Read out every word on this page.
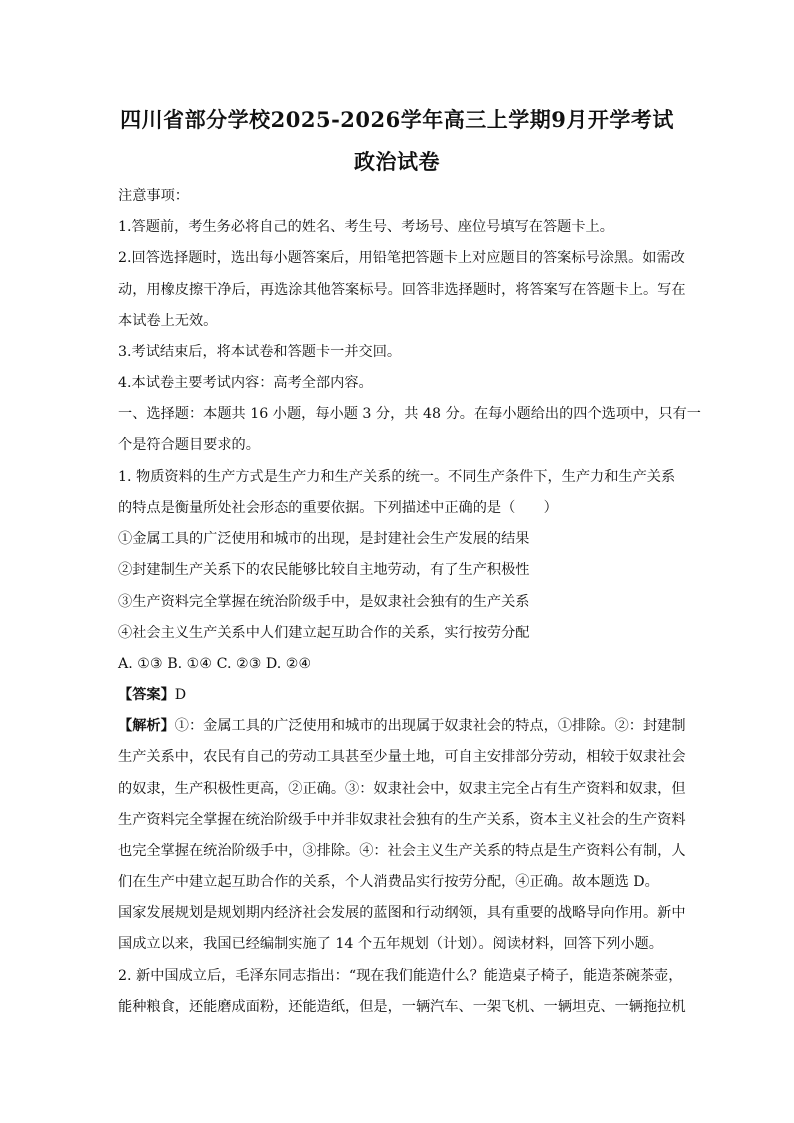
四川省部分学校2025-2026学年高三上学期9月开学考试
政治试卷
注意事项：
1.答题前，考生务必将自己的姓名、考生号、考场号、座位号填写在答题卡上。
2.回答选择题时，选出每小题答案后，用铅笔把答题卡上对应题目的答案标号涂黑。如需改
动，用橡皮擦干净后，再选涂其他答案标号。回答非选择题时，将答案写在答题卡上。写在
本试卷上无效。
3.考试结束后，将本试卷和答题卡一并交回。
4.本试卷主要考试内容：高考全部内容。
一、选择题：本题共 16 小题，每小题 3 分，共 48 分。在每小题给出的四个选项中，只有一
个是符合题目要求的。
1. 物质资料的生产方式是生产力和生产关系的统一。不同生产条件下，生产力和生产关系
的特点是衡量所处社会形态的重要依据。下列描述中正确的是（　　）
①金属工具的广泛使用和城市的出现，是封建社会生产发展的结果
②封建制生产关系下的农民能够比较自主地劳动，有了生产积极性
③生产资料完全掌握在统治阶级手中，是奴隶社会独有的生产关系
④社会主义生产关系中人们建立起互助合作的关系，实行按劳分配
A. ①③ B. ①④ C. ②③ D. ②④
【答案】D
【解析】①：金属工具的广泛使用和城市的出现属于奴隶社会的特点，①排除。②：封建制
生产关系中，农民有自己的劳动工具甚至少量土地，可自主安排部分劳动，相较于奴隶社会
的奴隶，生产积极性更高，②正确。③：奴隶社会中，奴隶主完全占有生产资料和奴隶，但
生产资料完全掌握在统治阶级手中并非奴隶社会独有的生产关系，资本主义社会的生产资料
也完全掌握在统治阶级手中，③排除。④：社会主义生产关系的特点是生产资料公有制，人
们在生产中建立起互助合作的关系，个人消费品实行按劳分配，④正确。故本题选 D。
国家发展规划是规划期内经济社会发展的蓝图和行动纲领，具有重要的战略导向作用。新中
国成立以来，我国已经编制实施了 14 个五年规划（计划）。阅读材料，回答下列小题。
2. 新中国成立后，毛泽东同志指出：“现在我们能造什么？能造桌子椅子，能造茶碗茶壶，
能种粮食，还能磨成面粉，还能造纸，但是，一辆汽车、一架飞机、一辆坦克、一辆拖拉机
